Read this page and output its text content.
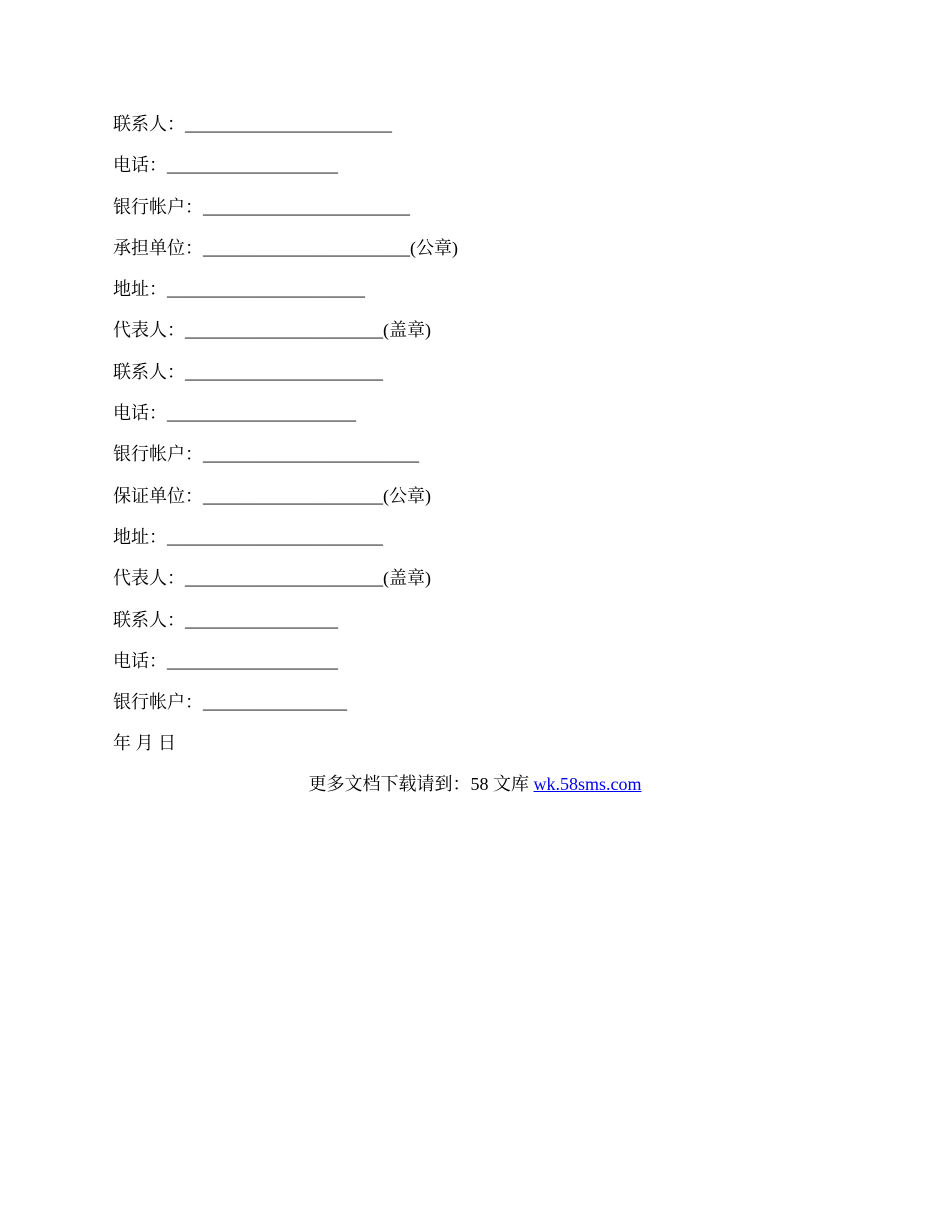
联系人：_______________________
电话：___________________
银行帐户：_______________________
承担单位：_______________________(公章)
地址：______________________
代表人：______________________(盖章)
联系人：______________________
电话：_____________________
银行帐户：________________________
保证单位：____________________(公章)
地址：________________________
代表人：______________________(盖章)
联系人：_________________
电话：___________________
银行帐户：________________
年 月 日
更多文档下载请到：58 文库 wk.58sms.com
